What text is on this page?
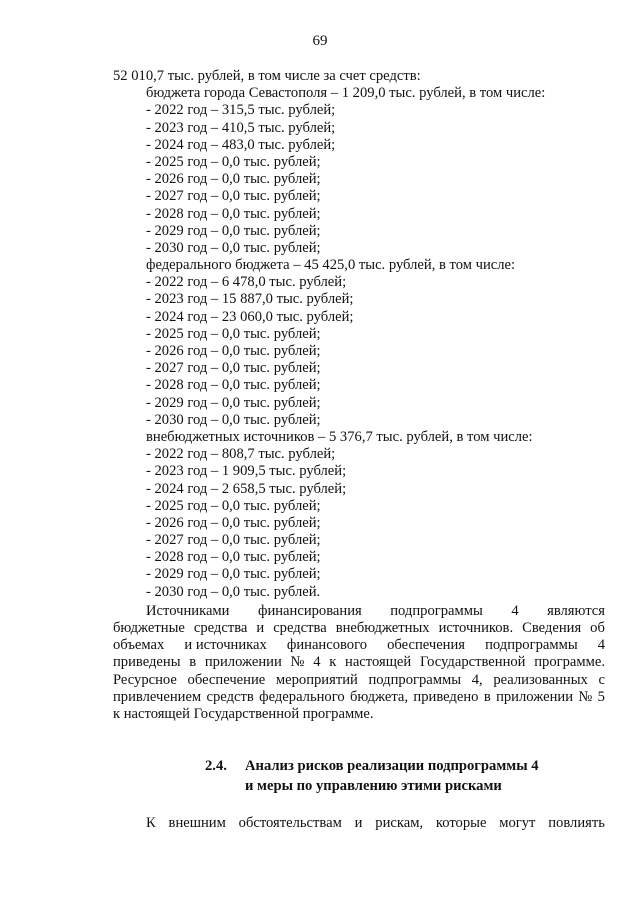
69
52 010,7 тыс. рублей, в том числе за счет средств:
бюджета города Севастополя – 1 209,0 тыс. рублей, в том числе:
- 2022 год – 315,5 тыс. рублей;
- 2023 год – 410,5 тыс. рублей;
- 2024 год – 483,0 тыс. рублей;
- 2025 год – 0,0 тыс. рублей;
- 2026 год – 0,0 тыс. рублей;
- 2027 год – 0,0 тыс. рублей;
- 2028 год – 0,0 тыс. рублей;
- 2029 год – 0,0 тыс. рублей;
- 2030 год – 0,0 тыс. рублей;
федерального бюджета – 45 425,0 тыс. рублей, в том числе:
- 2022 год – 6 478,0 тыс. рублей;
- 2023 год – 15 887,0 тыс. рублей;
- 2024 год – 23 060,0 тыс. рублей;
- 2025 год – 0,0 тыс. рублей;
- 2026 год – 0,0 тыс. рублей;
- 2027 год – 0,0 тыс. рублей;
- 2028 год – 0,0 тыс. рублей;
- 2029 год – 0,0 тыс. рублей;
- 2030 год – 0,0 тыс. рублей;
внебюджетных источников – 5 376,7 тыс. рублей, в том числе:
- 2022 год – 808,7 тыс. рублей;
- 2023 год – 1 909,5 тыс. рублей;
- 2024 год – 2 658,5 тыс. рублей;
- 2025 год – 0,0 тыс. рублей;
- 2026 год – 0,0 тыс. рублей;
- 2027 год – 0,0 тыс. рублей;
- 2028 год – 0,0 тыс. рублей;
- 2029 год – 0,0 тыс. рублей;
- 2030 год – 0,0 тыс. рублей.
Источниками финансирования подпрограммы 4 являются
бюджетные средства и средства внебюджетных источников. Сведения об
объемах и источниках финансового обеспечения подпрограммы 4
приведены в приложении № 4 к настоящей Государственной программе.
Ресурсное обеспечение мероприятий подпрограммы 4, реализованных с
привлечением средств федерального бюджета, приведено в приложении № 5
к настоящей Государственной программе.
2.4. Анализ рисков реализации подпрограммы 4
и меры по управлению этими рисками
К внешним обстоятельствам и рискам, которые могут повлиять
